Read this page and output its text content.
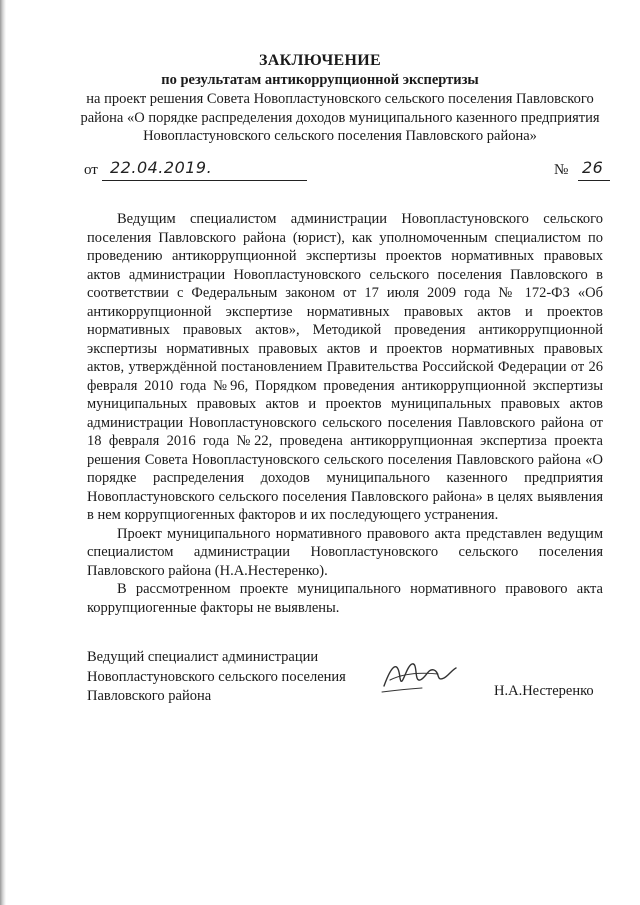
ЗАКЛЮЧЕНИЕ
по результатам антикоррупционной экспертизы

на проект решения Совета Новопластуновского сельского поселения Павловского района «О порядке распределения доходов муниципального казенного предприятия Новопластуновского сельского поселения Павловского района»

от 22.04.2019.	№ 26

Ведущим специалистом администрации Новопластуновского сельского поселения Павловского района (юрист), как уполномоченным специалистом по проведению антикоррупционной экспертизы проектов нормативных правовых актов администрации Новопластуновского сельского поселения Павловского в соответствии с Федеральным законом от 17 июля 2009 года № 172-ФЗ «Об антикоррупционной экспертизе нормативных правовых актов и проектов нормативных правовых актов», Методикой проведения антикоррупционной экспертизы нормативных правовых актов и проектов нормативных правовых актов, утверждённой постановлением Правительства Российской Федерации от 26 февраля 2010 года №96, Порядком проведения антикоррупционной экспертизы муниципальных правовых актов и проектов муниципальных правовых актов администрации Новопластуновского сельского поселения Павловского района от 18 февраля 2016 года №22, проведена антикоррупционная экспертиза проекта решения Совета Новопластуновского сельского поселения Павловского района «О порядке распределения доходов муниципального казенного предприятия Новопластуновского сельского поселения Павловского района» в целях выявления в нем коррупциогенных факторов и их последующего устранения.

Проект муниципального нормативного правового акта представлен ведущим специалистом администрации Новопластуновского сельского поселения Павловского района (Н.А.Нестеренко).

В рассмотренном проекте муниципального нормативного правового акта коррупциогенные факторы не выявлены.

Ведущий специалист администрации
Новопластуновского сельского поселения
Павловского района	Н.А.Нестеренко
